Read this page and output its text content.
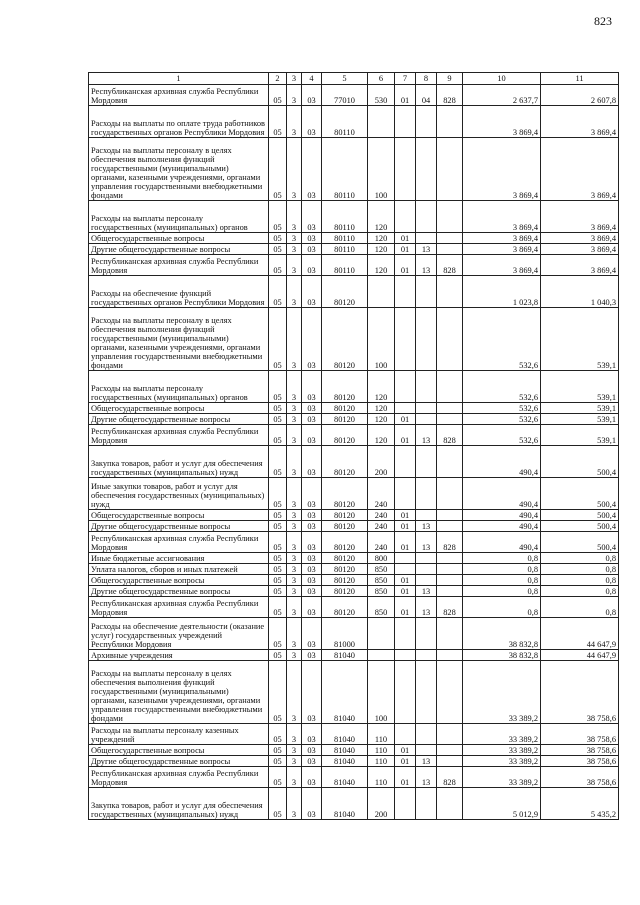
823
1	2	3	4	5	6	7	8	9	10	11
Республиканская архивная служба Республики Мордовия	05	3	03	77010	530	01	04	828	2 637,7	2 607,8
Расходы на выплаты по оплате труда работников государственных органов Республики Мордовия	05	3	03	80110					3 869,4	3 869,4
Расходы на выплаты персоналу в целях обеспечения выполнения функций государственными (муниципальными) органами, казенными учреждениями, органами управления государственными внебюджетными фондами	05	3	03	80110	100				3 869,4	3 869,4
Расходы на выплаты персоналу государственных (муниципальных) органов	05	3	03	80110	120				3 869,4	3 869,4
Общегосударственные вопросы	05	3	03	80110	120	01			3 869,4	3 869,4
Другие общегосударственные вопросы	05	3	03	80110	120	01	13		3 869,4	3 869,4
Республиканская архивная служба Республики Мордовия	05	3	03	80110	120	01	13	828	3 869,4	3 869,4
Расходы на обеспечение функций государственных органов Республики Мордовия	05	3	03	80120					1 023,8	1 040,3
Расходы на выплаты персоналу в целях обеспечения выполнения функций государственными (муниципальными) органами, казенными учреждениями, органами управления государственными внебюджетными фондами	05	3	03	80120	100				532,6	539,1
Расходы на выплаты персоналу государственных (муниципальных) органов	05	3	03	80120	120				532,6	539,1
Общегосударственные вопросы	05	3	03	80120	120				532,6	539,1
Другие общегосударственные вопросы	05	3	03	80120	120	01			532,6	539,1
Республиканская архивная служба Республики Мордовия	05	3	03	80120	120	01	13	828	532,6	539,1
Закупка товаров, работ и услуг для обеспечения государственных (муниципальных) нужд	05	3	03	80120	200				490,4	500,4
Иные закупки товаров, работ и услуг для обеспечения государственных (муниципальных) нужд	05	3	03	80120	240				490,4	500,4
Общегосударственные вопросы	05	3	03	80120	240	01			490,4	500,4
Другие общегосударственные вопросы	05	3	03	80120	240	01	13		490,4	500,4
Республиканская архивная служба Республики Мордовия	05	3	03	80120	240	01	13	828	490,4	500,4
Иные бюджетные ассигнования	05	3	03	80120	800				0,8	0,8
Уплата налогов, сборов и иных платежей	05	3	03	80120	850				0,8	0,8
Общегосударственные вопросы	05	3	03	80120	850	01			0,8	0,8
Другие общегосударственные вопросы	05	3	03	80120	850	01	13		0,8	0,8
Республиканская архивная служба Республики Мордовия	05	3	03	80120	850	01	13	828	0,8	0,8
Расходы на обеспечение деятельности (оказание услуг) государственных учреждений Республики Мордовия	05	3	03	81000					38 832,8	44 647,9
Архивные учреждения	05	3	03	81040					38 832,8	44 647,9
Расходы на выплаты персоналу в целях обеспечения выполнения функций государственными (муниципальными) органами, казенными учреждениями, органами управления государственными внебюджетными фондами	05	3	03	81040	100				33 389,2	38 758,6
Расходы на выплаты персоналу казенных учреждений	05	3	03	81040	110				33 389,2	38 758,6
Общегосударственные вопросы	05	3	03	81040	110	01			33 389,2	38 758,6
Другие общегосударственные вопросы	05	3	03	81040	110	01	13		33 389,2	38 758,6
Республиканская архивная служба Республики Мордовия	05	3	03	81040	110	01	13	828	33 389,2	38 758,6
Закупка товаров, работ и услуг для обеспечения государственных (муниципальных) нужд	05	3	03	81040	200				5 012,9	5 435,2
